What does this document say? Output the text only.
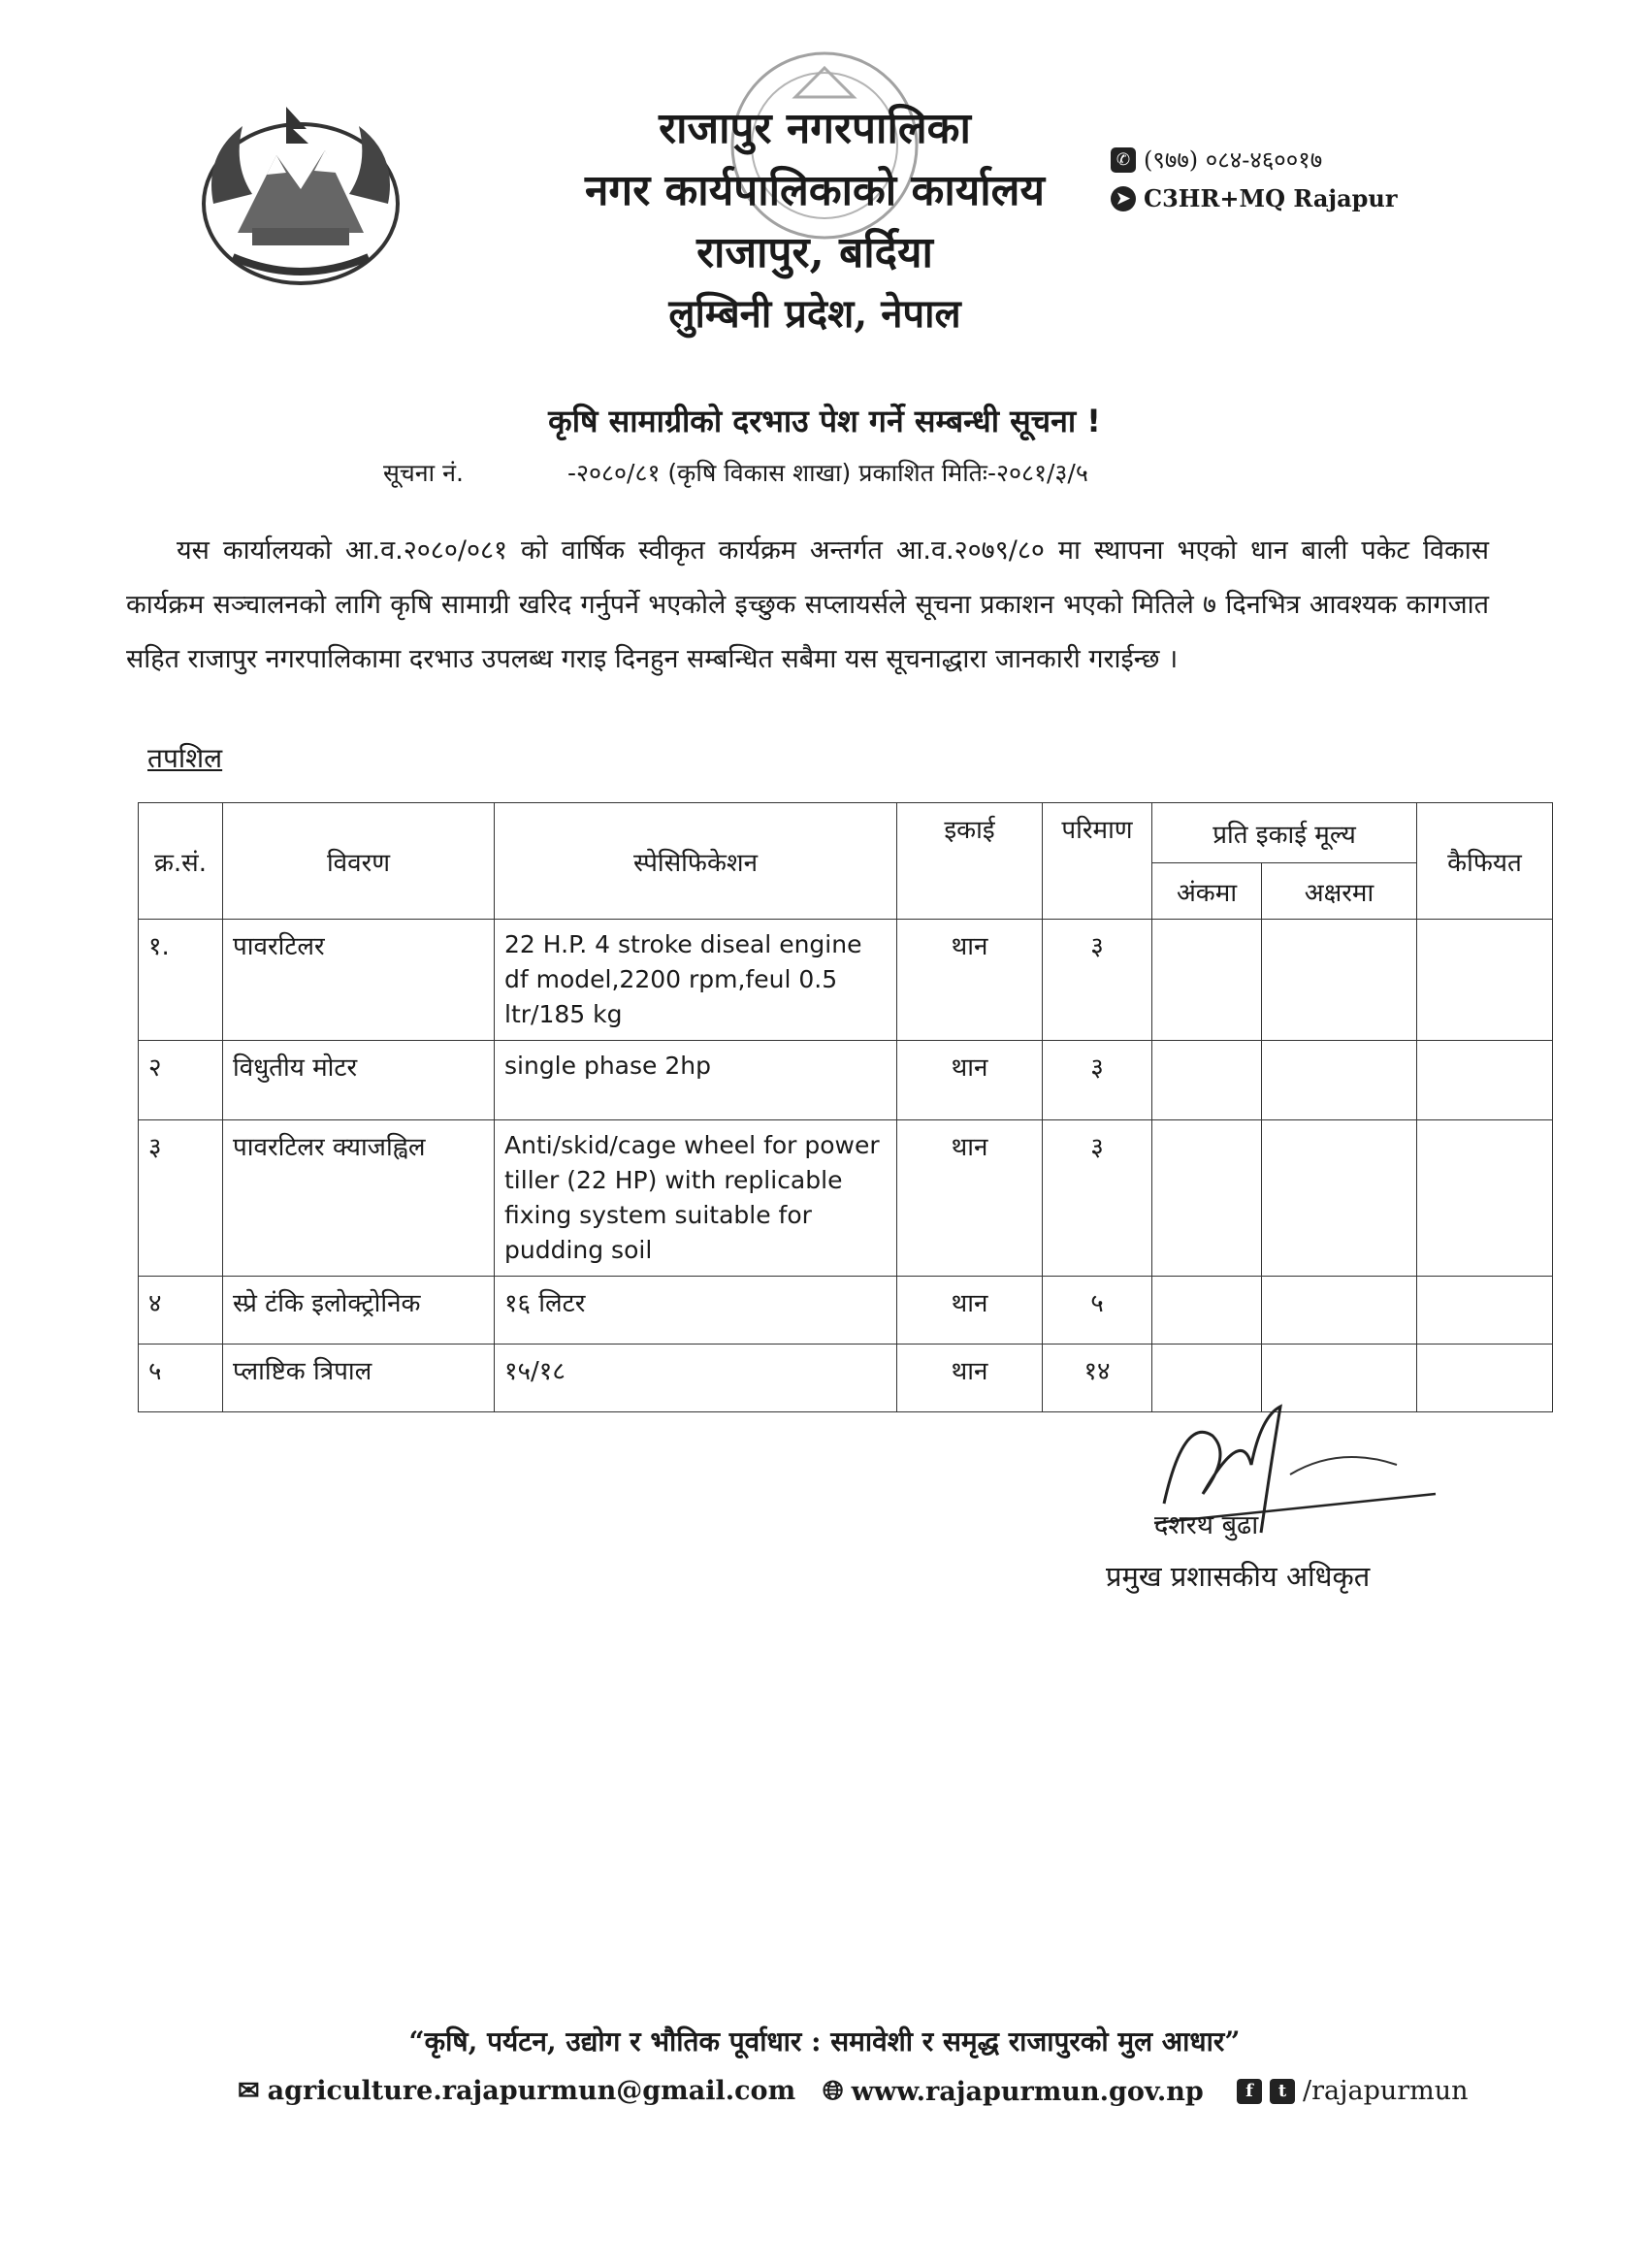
राजापुर नगरपालिका
नगर कार्यपालिकाको कार्यालय
राजापुर, बर्दिया
लुम्बिनी प्रदेश, नेपाल
✆ (९७७) ०८४-४६००१७
➤ C3HR+MQ Rajapur
कृषि सामाग्रीको दरभाउ पेश गर्ने सम्बन्धी सूचना !
सूचना नं.	-२०८०/८१ (कृषि विकास शाखा) प्रकाशित मितिः-२०८१/३/५
यस कार्यालयको आ.व.२०८०/०८१ को वार्षिक स्वीकृत कार्यक्रम अन्तर्गत आ.व.२०७९/८० मा स्थापना भएको धान बाली पकेट विकास कार्यक्रम सञ्चालनको लागि कृषि सामाग्री खरिद गर्नुपर्ने भएकोले इच्छुक सप्लायर्सले सूचना प्रकाशन भएको मितिले ७ दिनभित्र आवश्यक कागजात सहित राजापुर नगरपालिकामा दरभाउ उपलब्ध गराइ दिनहुन सम्बन्धित सबैमा यस सूचनाद्धारा जानकारी गराईन्छ ।
तपशिल
क्र.सं.	विवरण	स्पेसिफिकेशन	इकाई	परिमाण	प्रति इकाई मूल्य		कैफियत
					अंकमा	अक्षरमा	
१.	पावरटिलर	22 H.P. 4 stroke diseal engine df model,2200 rpm,feul 0.5 ltr/185 kg	थान	३			
२	विधुतीय मोटर	single phase 2hp	थान	३			
३	पावरटिलर क्याजह्विल	Anti/skid/cage wheel for power tiller (22 HP) with replicable fixing system suitable for pudding soil	थान	३			
४	स्प्रे टंकि इलोक्ट्रोनिक	१६ लिटर	थान	५			
५	प्लाष्टिक त्रिपाल	१५/१८	थान	१४			
दशरथ बुढा
प्रमुख प्रशासकीय अधिकृत
“कृषि, पर्यटन, उद्योग र भौतिक पूर्वाधार : समावेशी र समृद्ध राजापुरको मुल आधार”
✉ agriculture.rajapurmun@gmail.com 🌐︎ www.rajapurmun.gov.np	f	t /rajapurmun
